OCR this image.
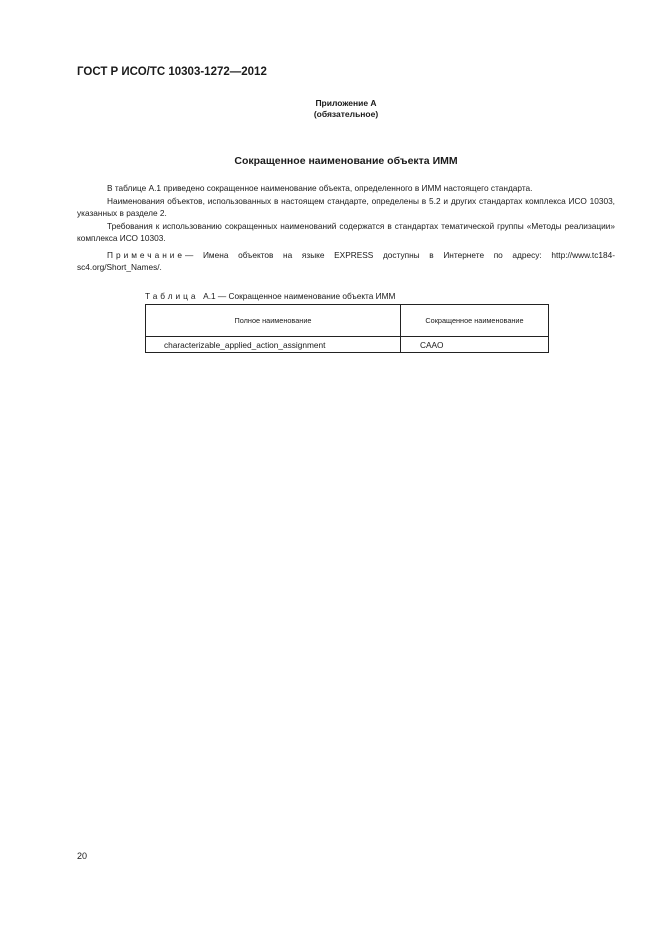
ГОСТ Р ИСО/ТС 10303-1272—2012
Приложение А
(обязательное)
Сокращенное наименование объекта ИММ

В таблице А.1 приведено сокращенное наименование объекта, определенного в ИММ настоящего стандарта.

Наименования объектов, использованных в настоящем стандарте, определены в 5.2 и других стандартах комплекса ИСО 10303, указанных в разделе 2.

Требования к использованию сокращенных наименований содержатся в стандартах тематической группы «Методы реализации» комплекса ИСО 10303.

Примечание— Имена объектов на языке EXPRESS доступны в Интернете по адресу: http://www.tc184-sc4.org/Short_Names/.

Таблица А.1 — Сокращенное наименование объекта ИММ
Полное наименование	Сокращенное наименование
characterizable_applied_action_assignment	CAAO
20
